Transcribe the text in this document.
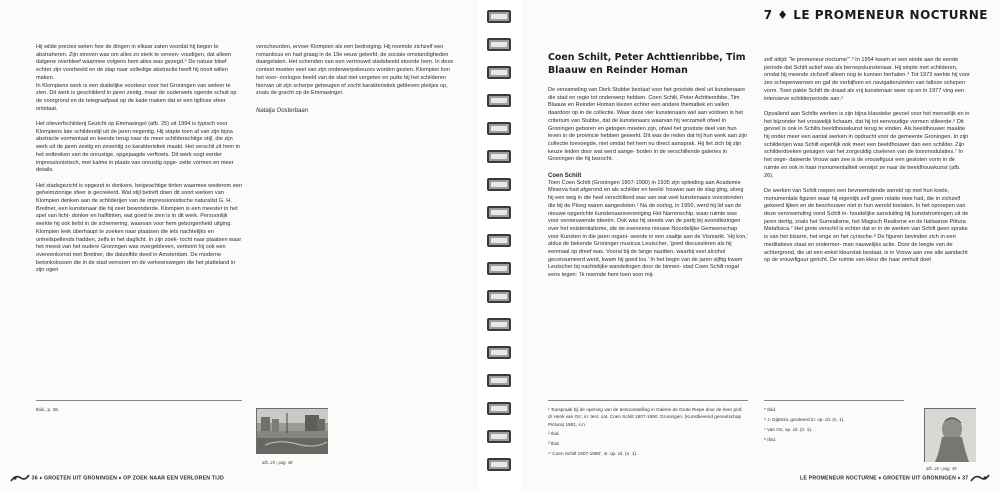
Hij wilde precies weten hoe de dingen in elkaar zaten voordat hij begon te abstraheren. Zijn streven was om alles zo sterk te vereen- voudigen, dat alleen datgene overbleef waarmee volgens hem alles was gezegd.⁵ De natuur bleef echter zijn voorbeeld en de stap naar volledige abstractie heeft hij nooit willen maken.

In Klompiens werk is een duidelijke voorkeur voor het Groningen van weleer te zien. Dit werk is geschilderd in jaren zestig, maar de ouderwets ogende schuit op de voorgrond en de telegraafpaal op de kade maken dat er een tijdloze sfeer ontstaat.

Het olieverfschilderij Gezicht op Emmasingel (afb. 25) uit 1994 is typisch voor Klompiens late schilderstijl uit de jaren negentig. Hij stapte toen af van zijn bijna abstracte vormentaal en keerde terug naar de meer schilderachtige stijl, die zijn werk uit de jaren zestig en zeventig zo karakteristiek maakt. Het verschil zit hem in het ontbreken van de onrustige, opgejaagde verftoets. Dit werk oogt eerder impressionistisch, met kalme in plaats van onrustig opge- zette vormen en meer details.

Het stadsgezicht is opgezet in donkere, beigeachtige tinten waarmee wederom een geheimzinnige sfeer is gecreëerd. Wat stijl betreft doen dit soort werken van Klompien denken aan de schilderijen van de impressionistische naturalist G. H. Breitner, een kunstenaar die hij zeer bewonderde. Klompien is een meester in het spel van licht- donker en halftinten, wat goed te zien is in dit werk. Persoonlijk werkte hij ook liefst in de schemering, waarvan voor hem geborgenheid uitging.

Klompien leek überhaupt te zoeken naar plaatsen die iets nachtelijks en onheilspellends hadden, zelfs in het daglicht. In zijn zoek- tocht naar plaatsen waar het meest van het oudere Groningen was overgebleven, vertoont hij ook een overeenkomst met Breitner, die datzelfde deed in Amsterdam. De moderne betonkolossen die in de stad verrezen en de verkeerswegen die het platteland in zijn ogen

verscheurden, ervoer Klompien als een bedreiging. Hij noemde zichzelf een romanticus en had graag in de 19e eeuw geleefd, de sociale omstandigheden daargelaten. Het schenden van een vertrouwd stadsbeeld stoorde hem. In deze context moeten veel van zijn onderwerpskeuzes worden gezien. Klompien kon het voor- oorlogse beeld van de stad niet vergeten en putte bij het schilderen hiervan uit zijn scherpe geheugen of zocht karakteristiek gebleven plekjes op, zoals de gracht op de Emmasingel.

Natalja Oosterbaan
Ibid., p. 36.
afb. 25 › pag. 48
36 ♦ GROETEN UIT GRONINGEN ♦ OP ZOEK NAAR EEN VERLOREN TIJD
7 ♦ LE PROMENEUR NOCTURNE
Coen Schilt, Peter Achttienribbe, Tim Blaauw en Reinder Homan

De verzameling van Derk Stubbe bestaat voor het grootste deel uit kunstenaars die stad en regio tot onderwerp hebben. Coen Schilt, Peter Achttienribbe, Tim Blaauw en Reinder Homan kiezen echter een andere thematiek en vallen daardoor op in de collectie. Waar deze vier kunstenaars wel aan voldoen is het criterium van Stubbe, dat de kunstenaars waarvan hij verzamelt ofwel in Groningen geboren en getogen moeten zijn, ofwel het grootste deel van hun leven in de provincie hebben gewerkt. Dit was de reden dat hij hun werk aan zijn collectie toevoegde, niet omdat het hem nu direct aansprak. Hij liet zich bij zijn keuze leiden door wat werd aange- boden in de verschillende galeries in Groningen die hij bezocht.

Coen Schilt

Toen Coen Schilt (Groningen 1907-1990) in 1935 zijn opleiding aan Academie Minerva had afgerond en als schilder en beeld- houwer aan de slag ging, sloeg hij een weg in die heel verschillend was van wat veel kunstenaars voorstonden die bij de Ploeg waren aangesloten.¹ Na de oorlog, in 1950, werd hij lid van de nieuwe opgerichte kunstenaarsvereniging Het Narrenschip, waar ruimte was voor vernieuwende ideeën. Ook was hij steeds van de partij bij avondlezingen over het existentialisme, die de eveneens nieuwe Noordelijke Gemeenschap voor Kunsten in die jaren organi- seerde in een zaaltje aan de Vismarkt. ‘Hij kon,’ aldus de bekende Groninger musicus Leutscher, ‘goed discussiëren als hij eenmaal op dreef was. Vooral bij de lange nazitten, waarbij veel alcohol geconsumeerd werd, kwam hij goed los.’ In het begin van de jaren vijftig kwam Leutscher bij nachtelijke wandelingen door de binnen- stad Coen Schilt nogal eens tegen: ‘Ik noemde hem toen voor mij-

zelf altijd: “le promeneur nocturne”’.³ In 1954 kwam er een einde aan de eerste periode dat Schilt actief was als beroepskunstenaar. Hij stopte met schilderen, omdat hij meende zichzelf alleen nog te kunnen herhalen.⁴ Tot 1973 werkte hij voor zes schepenwerven en gaf de verbijfven en navigatieruimten van talloze schepen vorm. Toen pakte Schilt de draad als vrij kunstenaar weer op en in 1977 ving een intensieve schilderperiode aan.⁵

Opvallend aan Schilts werken is zijn bijna klassieke gevoel voor het menselijk en in het bijzonder het vrouwelijk lichaam, dat hij tot eenvoudige vormen stileerde.⁶ Dit gevoel is ook in Schilts beeldhouwkunst terug te vinden. Als beeldhouwer maakte hij onder meer een aantal werken in opdracht voor de gemeente Groningen. In zijn schilderijen was Schilt eigenlijk ook meer een beeldhouwer dan een schilder. Zijn schilderdoeken getuigen van het zorgvuldig ciseleren van de toonmodulaties.⁷ In het onge- dateerde Vrouw aan zee is de vrouwfiguur een gesloten vorm in de ruimte en ook in haar monumentaliteit verwijst ze naar de beeldhouwkunst (afb. 26).

De werken van Schilt roepen een bevreemdende wereld op met hun koele, monumentale figuren waar hij eigenlijk zelf geen relatie mee had, die in zichzelf gekeerd lijken en de beschouwer niet in hun wereld toelaten. In het oproepen van deze vervreemding vond Schilt in- houdelijke aansluiting bij kunststromingen uit de jaren dertig, zoals het Surrealisme, het Magisch Realisme en de Italiaanse Pittura Metafisica.⁷ Het grote verschil is echter dat er in de werken van Schilt geen sprake is van het bizarre, het enge en het cynische.⁸ De figuren bevinden zich in een meditatieve staat en ondermer- man nauwelijks actie. Door de leegte van de achtergrond, die uit een enkel kleurvlak bestaat, is in Vrouw aan zee alle aandacht op de vrouwfiguur gericht. De ruimte van kleur die haar omhult doet

¹ Toespraak bij de opening van de tentoonstelling in Galerie de Grote Riepe door de heer prof. dr Henk van Os’, in: tent. cat. Coen Schilt 1907-1990, Groningen. (Kunstlievend genootschap Pictura) 1981, s.n.
² Ibid.
³ Ibid.
⁴ ‘Coen Schilt 1907-1990’, in: op. cit. (n. 1).
⁵ Ibid.
⁶ J. Dijkstra, geciteerd in: op. cit. (n. 1).
⁷ Van Os, op. cit. (n. 1).
⁸ Ibid.
afb. 26 › pag. 49
LE PROMENEUR NOCTURNE ♦ GROETEN UIT GRONINGEN ♦ 37
